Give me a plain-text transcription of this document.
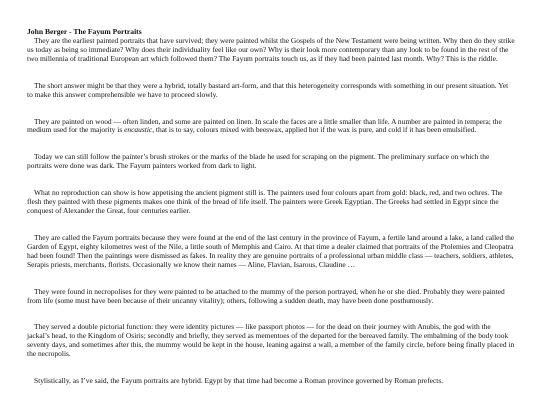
John Berger - The Fayum Portraits

They are the earliest painted portraits that have survived; they were painted whilst the Gospels of the New Testament were being written. Why then do they strike us today as being so immediate? Why does their individuality feel like our own? Why is their look more contemporary than any look to be found in the rest of the two millennia of traditional European art which followed them? The Fayum portraits touch us, as if they had been painted last month. Why? This is the riddle.

The short answer might be that they were a hybrid, totally bastard art-form, and that this heterogeneity corresponds with something in our present situation. Yet to make this answer comprehensible we have to proceed slowly.

They are painted on wood — often linden, and some are painted on linen. In scale the faces are a little smaller than life. A number are painted in tempera; the medium used for the majority is encaustic, that is to say, colours mixed with beeswax, applied hot if the wax is pure, and cold if it has been emulsified.

Today we can still follow the painter’s brush strokes or the marks of the blade he used for scraping on the pigment. The preliminary surface on which the portraits were done was dark. The Fayum painters worked from dark to light.

What no reproduction can show is how appetising the ancient pigment still is. The painters used four colours apart from gold: black, red, and two ochres. The flesh they painted with these pigments makes one think of the bread of life itself. The painters were Greek Egyptian. The Greeks had settled in Egypt since the conquest of Alexander the Great, four centuries earlier.

They are called the Fayum portraits because they were found at the end of the last century in the province of Fayum, a fertile land around a lake, a land called the Garden of Egypt, eighty kilometres west of the Nile, a little south of Memphis and Cairo. At that time a dealer claimed that portraits of the Ptolemies and Cleopatra had been found! Then the paintings were dismissed as fakes. In reality they are genuine portraits of a professional urban middle class — teachers, soldiers, athletes, Serapis priests, merchants, florists. Occasionally we know their names — Aline, Flavian, Isarous, Claudine …

They were found in necropolises for they were painted to be attached to the mummy of the person portrayed, when he or she died. Probably they were painted from life (some must have been because of their uncanny vitality); others, following a sudden death, may have been done posthumously.

They served a double pictorial function: they were identity pictures — like passport photos — for the dead on their journey with Anubis, the god with the jackal’s head, to the Kingdom of Osiris; secondly and briefly, they served as mementoes of the departed for the bereaved family. The embalming of the body took seventy days, and sometimes after this, the mummy would be kept in the house, leaning against a wall, a member of the family circle, before being finally placed in the necropolis.

Stylistically, as I’ve said, the Fayum portraits are hybrid. Egypt by that time had become a Roman province governed by Roman prefects.
